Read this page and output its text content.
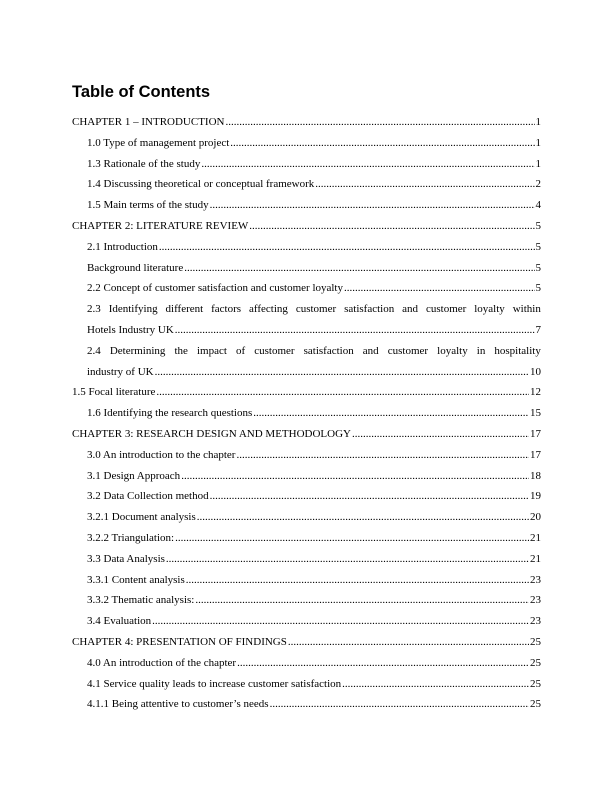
Table of Contents
CHAPTER 1 – INTRODUCTION .....	1
1.0 Type of management project .....	1
1.3 Rationale of the study .....	1
1.4 Discussing theoretical or conceptual framework .....	2
1.5 Main terms of the study .....	4
CHAPTER 2: LITERATURE REVIEW .....	5
2.1 Introduction .....	5
Background literature .....	5
2.2 Concept of customer satisfaction and customer loyalty .....	5
2.3 Identifying different factors affecting customer satisfaction and customer loyalty within
Hotels Industry UK .....	7
2.4 Determining the impact of customer satisfaction and customer loyalty in hospitality
industry of UK .....	10
1.5 Focal literature .....	12
1.6 Identifying the research questions .....	15
CHAPTER 3: RESEARCH DESIGN AND METHODOLOGY .....	17
3.0 An introduction to the chapter .....	17
3.1 Design Approach .....	18
3.2 Data Collection method .....	19
3.2.1 Document analysis .....	20
3.2.2 Triangulation: .....	21
3.3 Data Analysis .....	21
3.3.1 Content analysis .....	23
3.3.2 Thematic analysis: .....	23
3.4 Evaluation .....	23
CHAPTER 4: PRESENTATION OF FINDINGS .....	25
4.0 An introduction of the chapter .....	25
4.1 Service quality leads to increase customer satisfaction .....	25
4.1.1 Being attentive to customer’s needs .....	25
